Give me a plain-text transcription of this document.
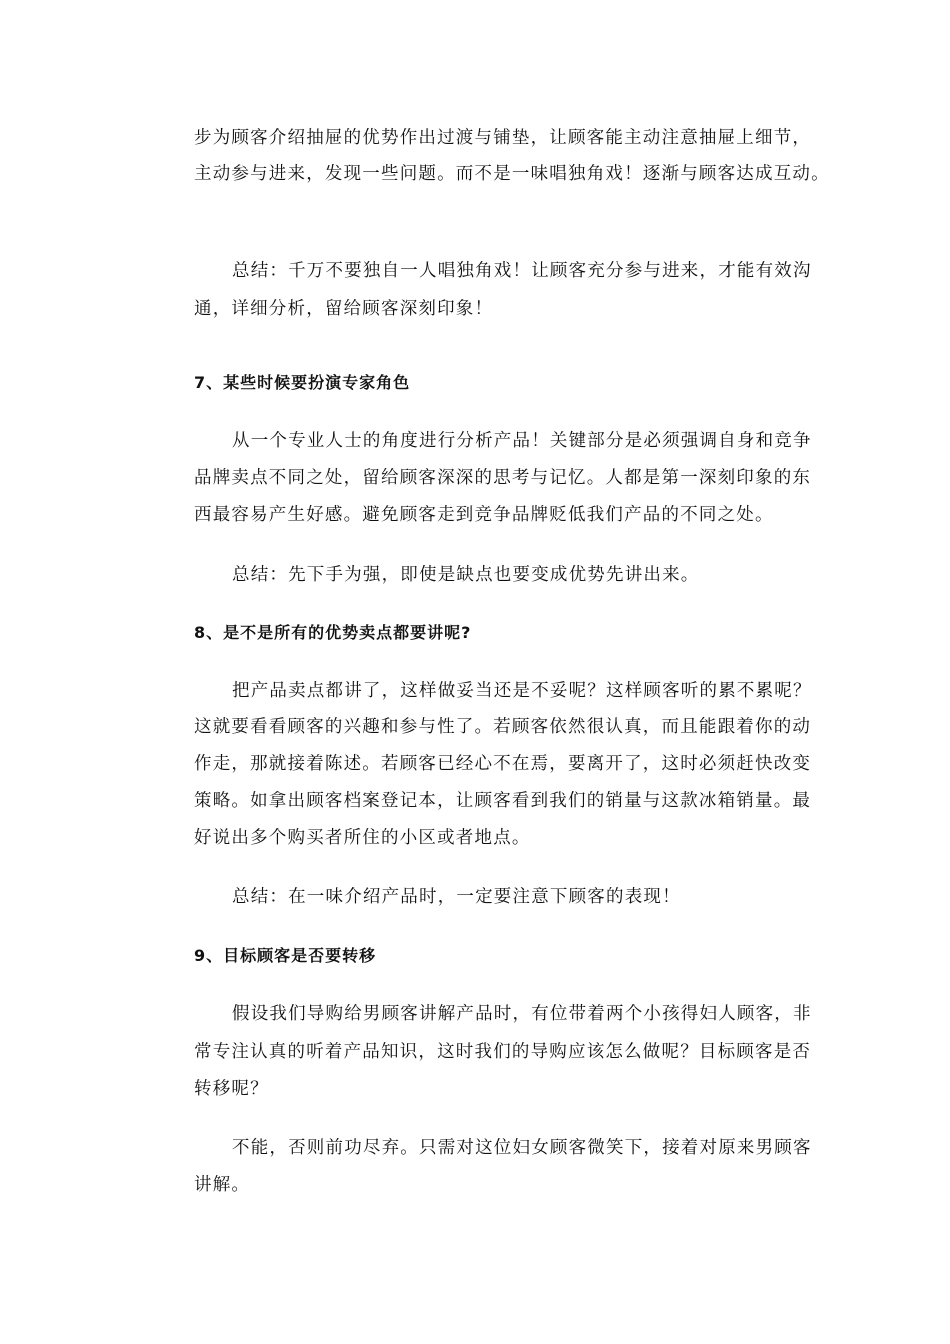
步为顾客介绍抽屉的优势作出过渡与铺垫，让顾客能主动注意抽屉上细节，
主动参与进来，发现一些问题。而不是一味唱独角戏！逐渐与顾客达成互动。
总结：千万不要独自一人唱独角戏！让顾客充分参与进来，才能有效沟
通，详细分析，留给顾客深刻印象！
7、某些时候要扮演专家角色
从一个专业人士的角度进行分析产品！关键部分是必须强调自身和竞争
品牌卖点不同之处，留给顾客深深的思考与记忆。人都是第一深刻印象的东
西最容易产生好感。避免顾客走到竞争品牌贬低我们产品的不同之处。
总结：先下手为强，即使是缺点也要变成优势先讲出来。
8、是不是所有的优势卖点都要讲呢?
把产品卖点都讲了，这样做妥当还是不妥呢？这样顾客听的累不累呢？
这就要看看顾客的兴趣和参与性了。若顾客依然很认真，而且能跟着你的动
作走，那就接着陈述。若顾客已经心不在焉，要离开了，这时必须赶快改变
策略。如拿出顾客档案登记本，让顾客看到我们的销量与这款冰箱销量。最
好说出多个购买者所住的小区或者地点。
总结：在一味介绍产品时，一定要注意下顾客的表现！
9、目标顾客是否要转移
假设我们导购给男顾客讲解产品时，有位带着两个小孩得妇人顾客，非
常专注认真的听着产品知识，这时我们的导购应该怎么做呢？目标顾客是否
转移呢？
不能，否则前功尽弃。只需对这位妇女顾客微笑下，接着对原来男顾客
讲解。
